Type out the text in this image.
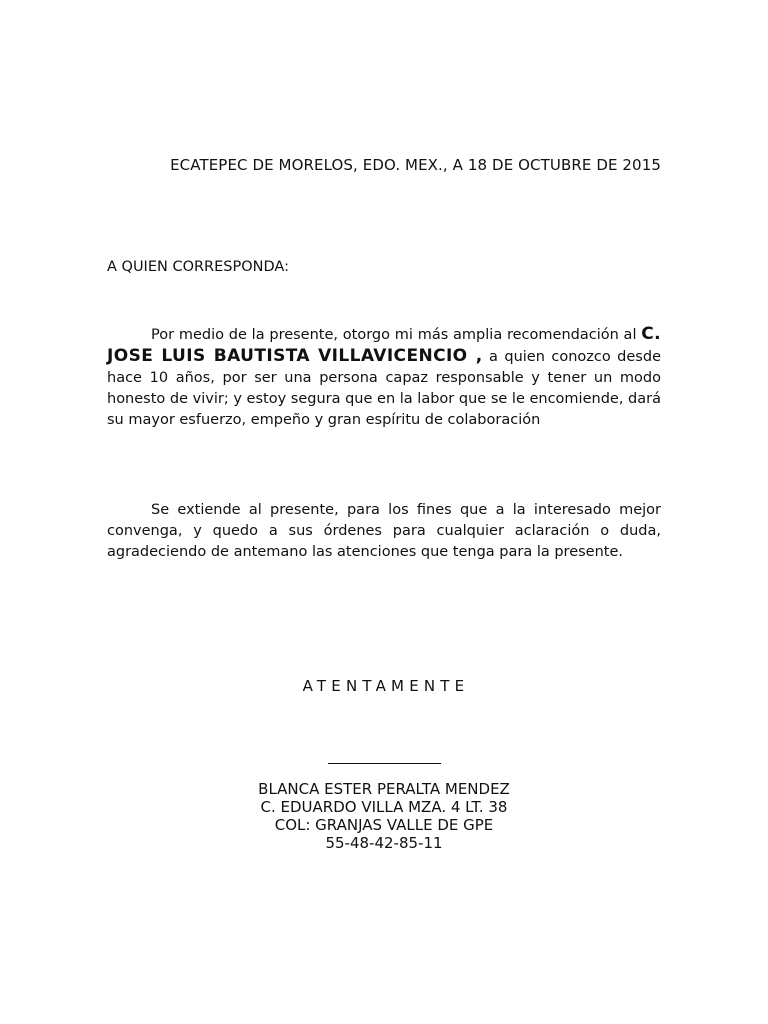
ECATEPEC DE MORELOS, EDO. MEX., A 18 DE OCTUBRE DE 2015
A QUIEN CORRESPONDA:
Por medio de la presente, otorgo mi más amplia recomendación al C. JOSE LUIS BAUTISTA VILLAVICENCIO , a quien conozco desde hace 10 años, por ser una persona capaz responsable y tener un modo honesto de vivir; y estoy segura que en la labor que se le encomiende, dará su mayor esfuerzo, empeño y gran espíritu de colaboración
Se extiende al presente, para los fines que a la interesado mejor convenga, y quedo a sus órdenes para cualquier aclaración o duda, agradeciendo de antemano las atenciones que tenga para la presente.
ATENTAMENTE
BLANCA ESTER PERALTA MENDEZ
C. EDUARDO VILLA MZA. 4 LT. 38
COL: GRANJAS VALLE DE GPE
55-48-42-85-11
